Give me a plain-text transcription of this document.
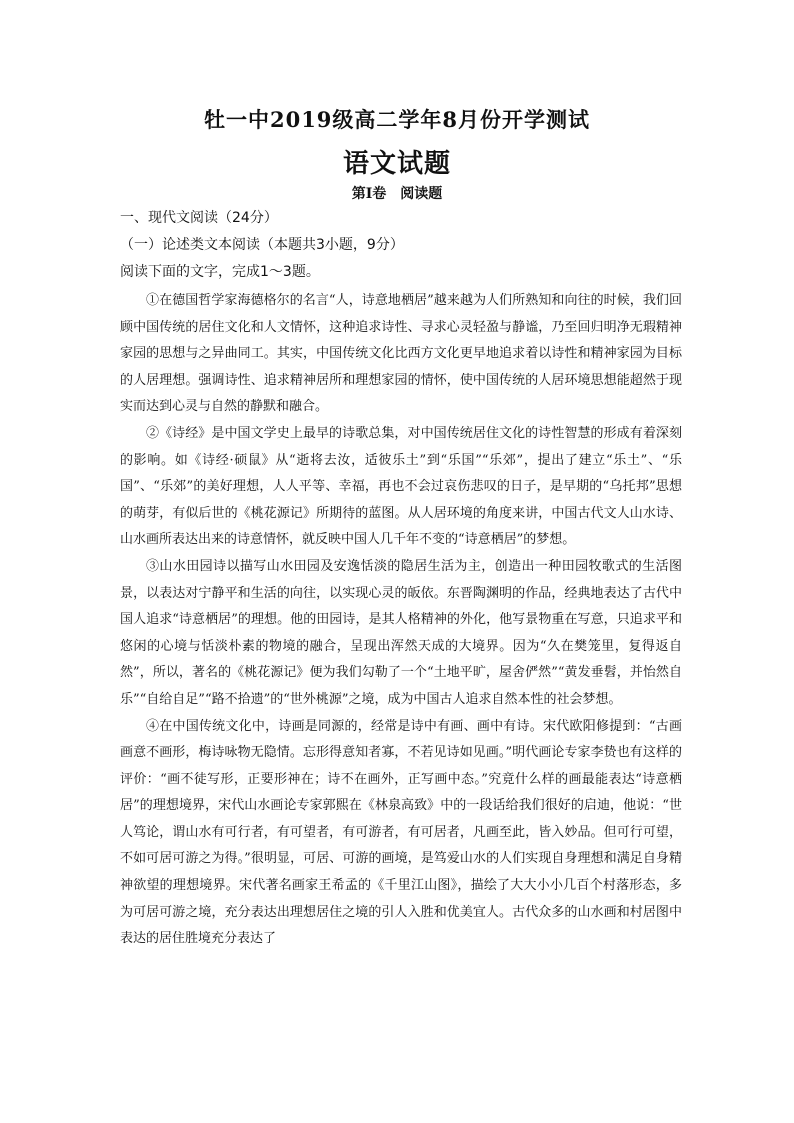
牡一中2019级高二学年8月份开学测试
语文试题
第Ⅰ卷　阅读题
一、现代文阅读（24分）
（一）论述类文本阅读（本题共3小题，9分）
阅读下面的文字，完成1～3题。

①在德国哲学家海德格尔的名言“人，诗意地栖居”越来越为人们所熟知和向往的时候，我们回顾中国传统的居住文化和人文情怀，这种追求诗性、寻求心灵轻盈与静谧，乃至回归明净无瑕精神家园的思想与之异曲同工。其实，中国传统文化比西方文化更早地追求着以诗性和精神家园为目标的人居理想。强调诗性、追求精神居所和理想家园的情怀，使中国传统的人居环境思想能超然于现实而达到心灵与自然的静默和融合。

②《诗经》是中国文学史上最早的诗歌总集，对中国传统居住文化的诗性智慧的形成有着深刻的影响。如《诗经·硕鼠》从“逝将去汝，适彼乐土”到“乐国”“乐郊”，提出了建立“乐土”、“乐国”、“乐郊”的美好理想，人人平等、幸福，再也不会过哀伤悲叹的日子，是早期的“乌托邦”思想的萌芽，有似后世的《桃花源记》所期待的蓝图。从人居环境的角度来讲，中国古代文人山水诗、山水画所表达出来的诗意情怀，就反映中国人几千年不变的“诗意栖居”的梦想。

③山水田园诗以描写山水田园及安逸恬淡的隐居生活为主，创造出一种田园牧歌式的生活图景，以表达对宁静平和生活的向往，以实现心灵的皈依。东晋陶渊明的作品，经典地表达了古代中国人追求“诗意栖居”的理想。他的田园诗，是其人格精神的外化，他写景物重在写意，只追求平和悠闲的心境与恬淡朴素的物境的融合，呈现出浑然天成的大境界。因为“久在樊笼里，复得返自然”，所以，著名的《桃花源记》便为我们勾勒了一个“土地平旷，屋舍俨然”“黄发垂髫，并怡然自乐”“自给自足”“路不拾遗”的“世外桃源”之境，成为中国古人追求自然本性的社会梦想。

④在中国传统文化中，诗画是同源的，经常是诗中有画、画中有诗。宋代欧阳修提到：“古画画意不画形，梅诗咏物无隐情。忘形得意知者寡，不若见诗如见画。”明代画论专家李贽也有这样的评价：“画不徒写形，正要形神在；诗不在画外，正写画中态。”究竟什么样的画最能表达“诗意栖居”的理想境界，宋代山水画论专家郭熙在《林泉高致》中的一段话给我们很好的启迪，他说：“世人笃论，谓山水有可行者，有可望者，有可游者，有可居者，凡画至此，皆入妙品。但可行可望，不如可居可游之为得。”很明显，可居、可游的画境，是笃爱山水的人们实现自身理想和满足自身精神欲望的理想境界。宋代著名画家王希孟的《千里江山图》，描绘了大大小小几百个村落形态，多为可居可游之境，充分表达出理想居住之境的引人入胜和优美宜人。古代众多的山水画和村居图中表达的居住胜境充分表达了
